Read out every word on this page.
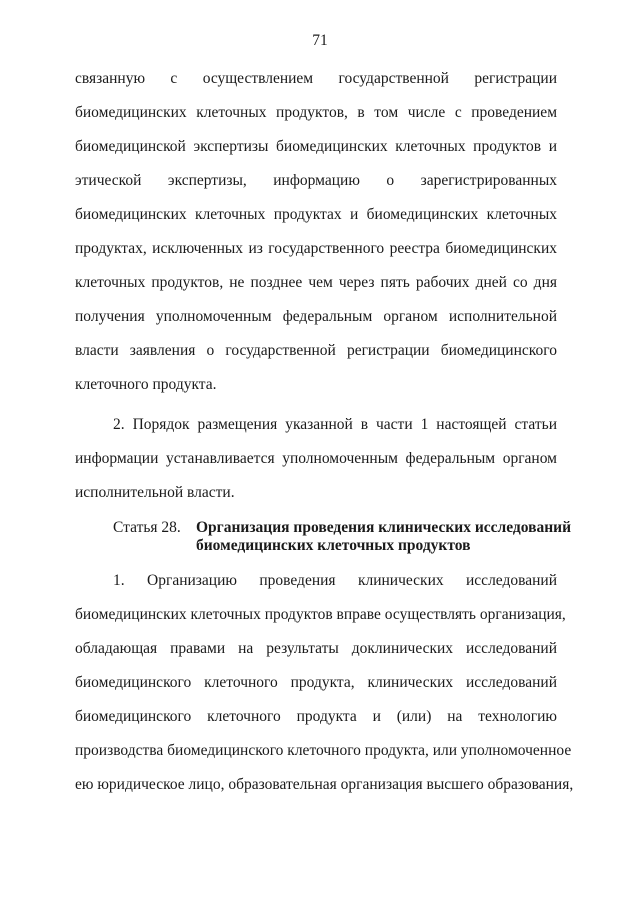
71
связанную с осуществлением государственной регистрации
биомедицинских клеточных продуктов, в том числе с проведением
биомедицинской экспертизы биомедицинских клеточных продуктов и
этической экспертизы, информацию о зарегистрированных
биомедицинских клеточных продуктах и биомедицинских клеточных
продуктах, исключенных из государственного реестра биомедицинских
клеточных продуктов, не позднее чем через пять рабочих дней со дня
получения уполномоченным федеральным органом исполнительной
власти заявления о государственной регистрации биомедицинского
клеточного продукта.
2. Порядок размещения указанной в части 1 настоящей статьи
информации устанавливается уполномоченным федеральным органом
исполнительной власти.
Статья 28. Организация проведения клинических исследований
биомедицинских клеточных продуктов
1. Организацию проведения клинических исследований
биомедицинских клеточных продуктов вправе осуществлять организация,
обладающая правами на результаты доклинических исследований
биомедицинского клеточного продукта, клинических исследований
биомедицинского клеточного продукта и (или) на технологию
производства биомедицинского клеточного продукта, или уполномоченное
ею юридическое лицо, образовательная организация высшего образования,
